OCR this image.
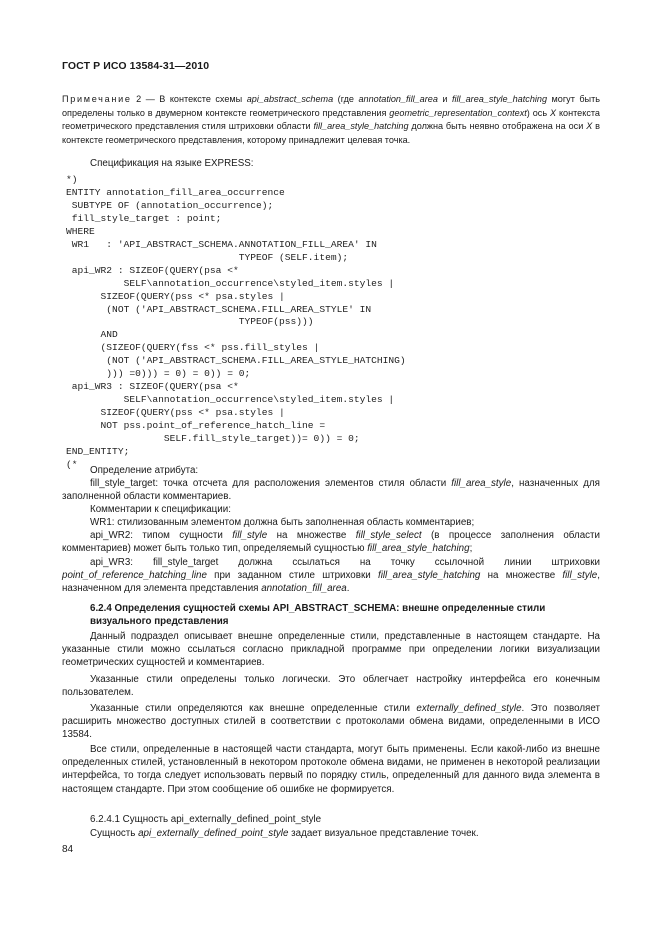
ГОСТ Р ИСО 13584-31—2010
Примечание 2 — В контексте схемы api_abstract_schema (где annotation_fill_area и fill_area_style_hatching могут быть определены только в двумерном контексте геометрического представления geometric_representation_context) ось X контекста геометрического представления стиля штриховки области fill_area_style_hatching должна быть неявно отображена на оси X в контексте геометрического представления, которому принадлежит целевая точка.
Спецификация на языке EXPRESS:
*)
ENTITY annotation_fill_area_occurrence
SUBTYPE OF (annotation_occurrence);
fill_style_target : point;
WHERE
WR1   : 'API_ABSTRACT_SCHEMA.ANNOTATION_FILL_AREA' IN
TYPEOF (SELF.item);
api_WR2 : SIZEOF(QUERY(psa <*
SELF\annotation_occurrence\styled_item.styles |
SIZEOF(QUERY(pss <* psa.styles |
(NOT ('API_ABSTRACT_SCHEMA.FILL_AREA_STYLE' IN
TYPEOF(pss)))
AND
(SIZEOF(QUERY(fss <* pss.fill_styles |
(NOT ('API_ABSTRACT_SCHEMA.FILL_AREA_STYLE_HATCHING)
))) =0))) = 0) = 0)) = 0;
api_WR3 : SIZEOF(QUERY(psa <*
SELF\annotation_occurrence\styled_item.styles |
SIZEOF(QUERY(pss <* psa.styles |
NOT pss.point_of_reference_hatch_line =
SELF.fill_style_target))= 0)) = 0;
END_ENTITY;
(*
Определение атрибута:
fill_style_target: точка отсчета для расположения элементов стиля области fill_area_style, назначенных для заполненной области комментариев.
Комментарии к спецификации:
WR1: стилизованным элементом должна быть заполненная область комментариев;
api_WR2: типом сущности fill_style на множестве fill_style_select (в процессе заполнения области комментариев) может быть только тип, определяемый сущностью fill_area_style_hatching;
api_WR3: fill_style_target должна ссылаться на точку ссылочной линии штриховки point_of_reference_hatching_line при заданном стиле штриховки fill_area_style_hatching на множестве fill_style, назначенном для элемента представления annotation_fill_area.
6.2.4 Определения сущностей схемы API_ABSTRACT_SCHEMA: внешне определенные стили визуального представления
Данный подраздел описывает внешне определенные стили, представленные в настоящем стандарте. На указанные стили можно ссылаться согласно прикладной программе при определении логики визуализации геометрических сущностей и комментариев.
Указанные стили определены только логически. Это облегчает настройку интерфейса его конечным пользователем.
Указанные стили определяются как внешне определенные стили externally_defined_style. Это позволяет расширить множество доступных стилей в соответствии с протоколами обмена видами, определенными в ИСО 13584.
Все стили, определенные в настоящей части стандарта, могут быть применены. Если какой-либо из внешне определенных стилей, установленный в некотором протоколе обмена видами, не применен в некоторой реализации интерфейса, то тогда следует использовать первый по порядку стиль, определенный для данного вида элемента в настоящем стандарте. При этом сообщение об ошибке не формируется.
6.2.4.1 Сущность api_externally_defined_point_style
Сущность api_externally_defined_point_style задает визуальное представление точек.
84
